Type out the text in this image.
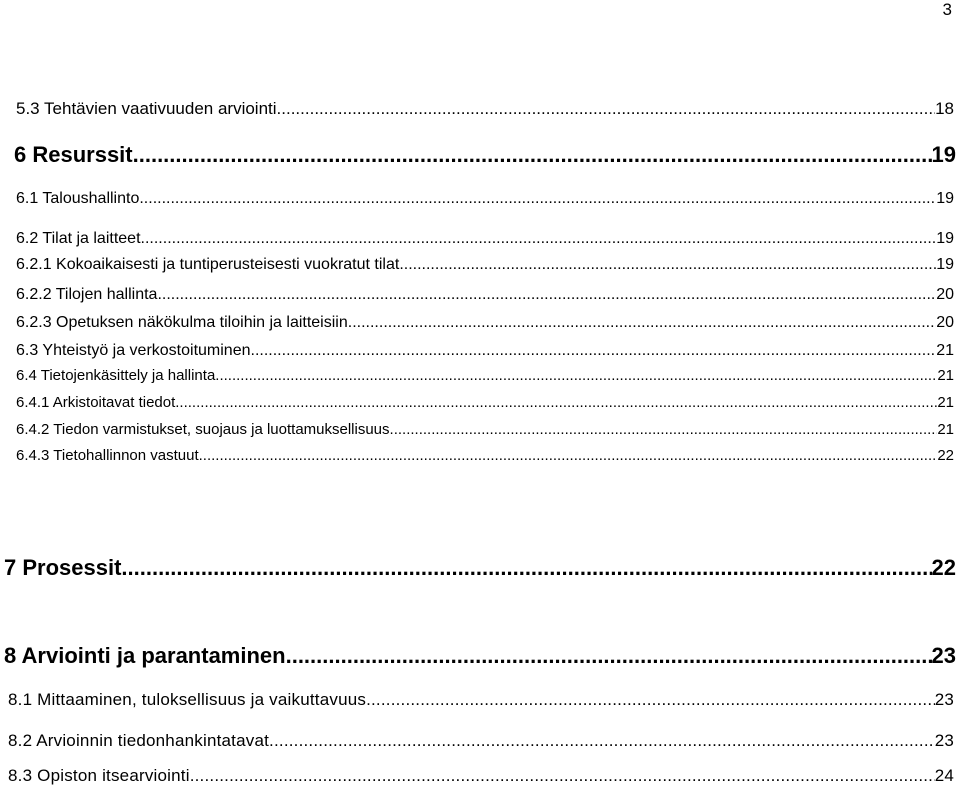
3
5.3 Tehtävien vaativuuden arviointi .....	18
6 Resurssit .....	19
6.1 Taloushallinto .....	19
6.2 Tilat ja laitteet .....	19
6.2.1 Kokoaikaisesti ja tuntiperusteisesti vuokratut tilat .....	19
6.2.2 Tilojen hallinta .....	20
6.2.3 Opetuksen näkökulma tiloihin ja laitteisiin .....	20
6.3 Yhteistyö ja verkostoituminen .....	21
6.4 Tietojenkäsittely ja hallinta .....	21
6.4.1 Arkistoitavat tiedot .....	21
6.4.2 Tiedon varmistukset, suojaus ja luottamuksellisuus .....	21
6.4.3 Tietohallinnon vastuut .....	22
7 Prosessit .....	22
8 Arviointi ja parantaminen .....	23
8.1 Mittaaminen, tuloksellisuus ja vaikuttavuus .....	23
8.2 Arvioinnin tiedonhankintatavat .....	23
8.3 Opiston itsearviointi .....	24
